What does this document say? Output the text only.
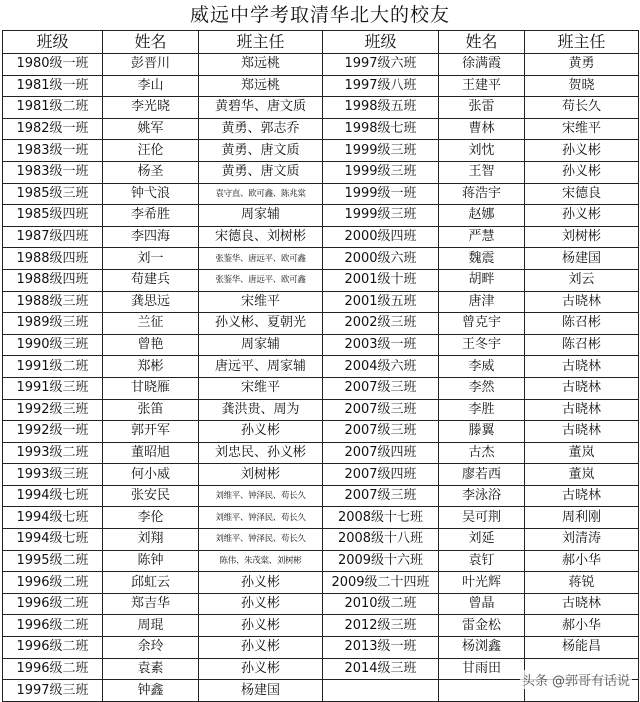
威远中学考取清华北大的校友
班级	姓名	班主任	班级	姓名	班主任
1980级一班	彭晋川	郑远桃	1997级六班	徐满霞	黄勇
1981级一班	李山	郑远桃	1997级八班	王建平	贺晓
1981级二班	李光晓	黄碧华、唐文质	1998级五班	张雷	苟长久
1982级一班	姚军	黄勇、郭志乔	1998级七班	曹林	宋维平
1983级一班	汪伦	黄勇、唐文质	1999级三班	刘忱	孙义彬
1983级一班	杨圣	黄勇、唐文质	1999级三班	王智	孙义彬
1985级三班	钟弋浪	袁守直、欧可鑫、陈兆棠	1999级一班	蒋浩宇	宋德良
1985级四班	李希胜	周家辅	1999级三班	赵娜	孙义彬
1987级四班	李四海	宋德良、刘树彬	2000级四班	严慧	刘树彬
1988级四班	刘一	张鉴华、唐远平、欧可鑫	2000级六班	魏震	杨建国
1988级四班	苟建兵	张鉴华、唐远平、欧可鑫	2001级十班	胡畔	刘云
1988级三班	龚思远	宋维平	2001级五班	唐津	古晓林
1989级三班	兰征	孙义彬、夏朝光	2002级三班	曾克宇	陈召彬
1990级三班	曾艳	周家辅	2003级一班	王冬宇	陈召彬
1991级二班	郑彬	唐远平、周家辅	2004级六班	李威	古晓林
1991级三班	甘晓雁	宋维平	2007级三班	李然	古晓林
1992级三班	张笛	龚洪贵、周为	2007级三班	李胜	古晓林
1992级一班	郭开军	孙义彬	2007级三班	滕翼	古晓林
1993级二班	董昭旭	刘忠民、孙义彬	2007级四班	古杰	董岚
1993级三班	何小威	刘树彬	2007级四班	廖若西	董岚
1994级七班	张安民	刘维平、钟泽民、苟长久	2007级三班	李泳浴	古晓林
1994级七班	李伦	刘维平、钟泽民、苟长久	2008级十七班	吴可荆	周利刚
1994级七班	刘翔	刘维平、钟泽民、苟长久	2008级十八班	刘延	刘清涛
1995级二班	陈钟	陈伟、朱茂棠、刘树彬	2009级十六班	袁钉	郝小华
1996级二班	邱虹云	孙义彬	2009级二十四班	叶光辉	蒋锐
1996级二班	郑吉华	孙义彬	2010级二班	曾晶	古晓林
1996级二班	周琨	孙义彬	2012级三班	雷金松	郝小华
1996级二班	余玲	孙义彬	2013级一班	杨浏鑫	杨能昌
1996级二班	袁素	孙义彬	2014级三班	甘雨田	
1997级三班	钟鑫	杨建国			
头条 @郭哥有话说
